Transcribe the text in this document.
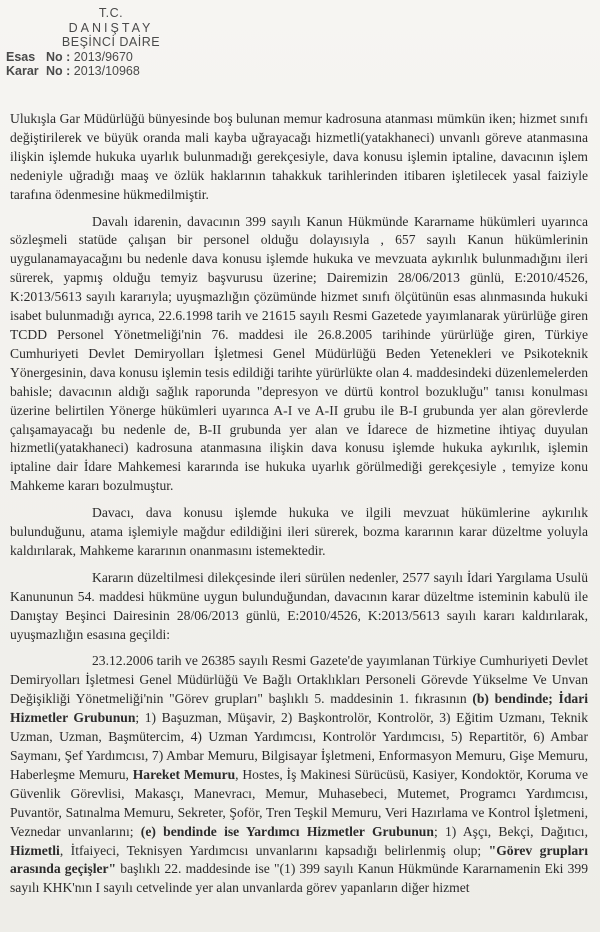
T.C.
DANIŞTAY
BEŞİNCİ DAİRE
Esas No : 2013/9670
Karar No : 2013/10968

Ulukışla Gar Müdürlüğü bünyesinde boş bulunan memur kadrosuna atanması mümkün iken; hizmet sınıfı değiştirilerek ve büyük oranda mali kayba uğrayacağı hizmetli(yatakhaneci) unvanlı göreve atanmasına ilişkin işlemde hukuka uyarlık bulunmadığı gerekçesiyle, dava konusu işlemin iptaline, davacının işlem nedeniyle uğradığı maaş ve özlük haklarının tahakkuk tarihlerinden itibaren işletilecek yasal faiziyle tarafına ödenmesine hükmedilmiştir.

Davalı idarenin, davacının 399 sayılı Kanun Hükmünde Kararname hükümleri uyarınca sözleşmeli statüde çalışan bir personel olduğu dolayısıyla , 657 sayılı Kanun hükümlerinin uygulanamayacağını bu nedenle dava konusu işlemde hukuka ve mevzuata aykırılık bulunmadığını ileri sürerek, yapmış olduğu temyiz başvurusu üzerine; Dairemizin 28/06/2013 günlü, E:2010/4526, K:2013/5613 sayılı kararıyla; uyuşmazlığın çözümünde hizmet sınıfı ölçütünün esas alınmasında hukuki isabet bulunmadığı ayrıca, 22.6.1998 tarih ve 21615 sayılı Resmi Gazetede yayımlanarak yürürlüğe giren TCDD Personel Yönetmeliği'nin 76. maddesi ile 26.8.2005 tarihinde yürürlüğe giren, Türkiye Cumhuriyeti Devlet Demiryolları İşletmesi Genel Müdürlüğü Beden Yetenekleri ve Psikoteknik Yönergesinin, dava konusu işlemin tesis edildiği tarihte yürürlükte olan 4. maddesindeki düzenlemelerden bahisle; davacının aldığı sağlık raporunda "depresyon ve dürtü kontrol bozukluğu" tanısı konulması üzerine belirtilen Yönerge hükümleri uyarınca A-I ve A-II grubu ile B-I grubunda yer alan görevlerde çalışamayacağı bu nedenle de, B-II grubunda yer alan ve İdarece de hizmetine ihtiyaç duyulan hizmetli(yatakhaneci) kadrosuna atanmasına ilişkin dava konusu işlemde hukuka aykırılık, işlemin iptaline dair İdare Mahkemesi kararında ise hukuka uyarlık görülmediği gerekçesiyle , temyize konu Mahkeme kararı bozulmuştur.

Davacı, dava konusu işlemde hukuka ve ilgili mevzuat hükümlerine aykırılık bulunduğunu, atama işlemiyle mağdur edildiğini ileri sürerek, bozma kararının karar düzeltme yoluyla kaldırılarak, Mahkeme kararının onanmasını istemektedir.

Kararın düzeltilmesi dilekçesinde ileri sürülen nedenler, 2577 sayılı İdari Yargılama Usulü Kanununun 54. maddesi hükmüne uygun bulunduğundan, davacının karar düzeltme isteminin kabulü ile Danıştay Beşinci Dairesinin 28/06/2013 günlü, E:2010/4526, K:2013/5613 sayılı kararı kaldırılarak, uyuşmazlığın esasına geçildi:

23.12.2006 tarih ve 26385 sayılı Resmi Gazete'de yayımlanan Türkiye Cumhuriyeti Devlet Demiryolları İşletmesi Genel Müdürlüğü Ve Bağlı Ortaklıkları Personeli Görevde Yükselme Ve Unvan Değişikliği Yönetmeliği'nin "Görev grupları" başlıklı 5. maddesinin 1. fıkrasının (b) bendinde; İdari Hizmetler Grubunun; 1) Başuzman, Müşavir, 2) Başkontrolör, Kontrolör, 3) Eğitim Uzmanı, Teknik Uzman, Uzman, Başmütercim, 4) Uzman Yardımcısı, Kontrolör Yardımcısı, 5) Repartitör, 6) Ambar Saymanı, Şef Yardımcısı, 7) Ambar Memuru, Bilgisayar İşletmeni, Enformasyon Memuru, Gişe Memuru, Haberleşme Memuru, Hareket Memuru, Hostes, İş Makinesi Sürücüsü, Kasiyer, Kondoktör, Koruma ve Güvenlik Görevlisi, Makasçı, Manevracı, Memur, Muhasebeci, Mutemet, Programcı Yardımcısı, Puvantör, Satınalma Memuru, Sekreter, Şoför, Tren Teşkil Memuru, Veri Hazırlama ve Kontrol İşletmeni, Veznedar unvanlarını; (e) bendinde ise Yardımcı Hizmetler Grubunun; 1) Aşçı, Bekçi, Dağıtıcı, Hizmetli, İtfaiyeci, Teknisyen Yardımcısı unvanlarını kapsadığı belirlenmiş olup; "Görev grupları arasında geçişler" başlıklı 22. maddesinde ise "(1) 399 sayılı Kanun Hükmünde Kararnamenin Eki 399 sayılı KHK'nın I sayılı cetvelinde yer alan unvanlarda görev yapanların diğer hizmet
